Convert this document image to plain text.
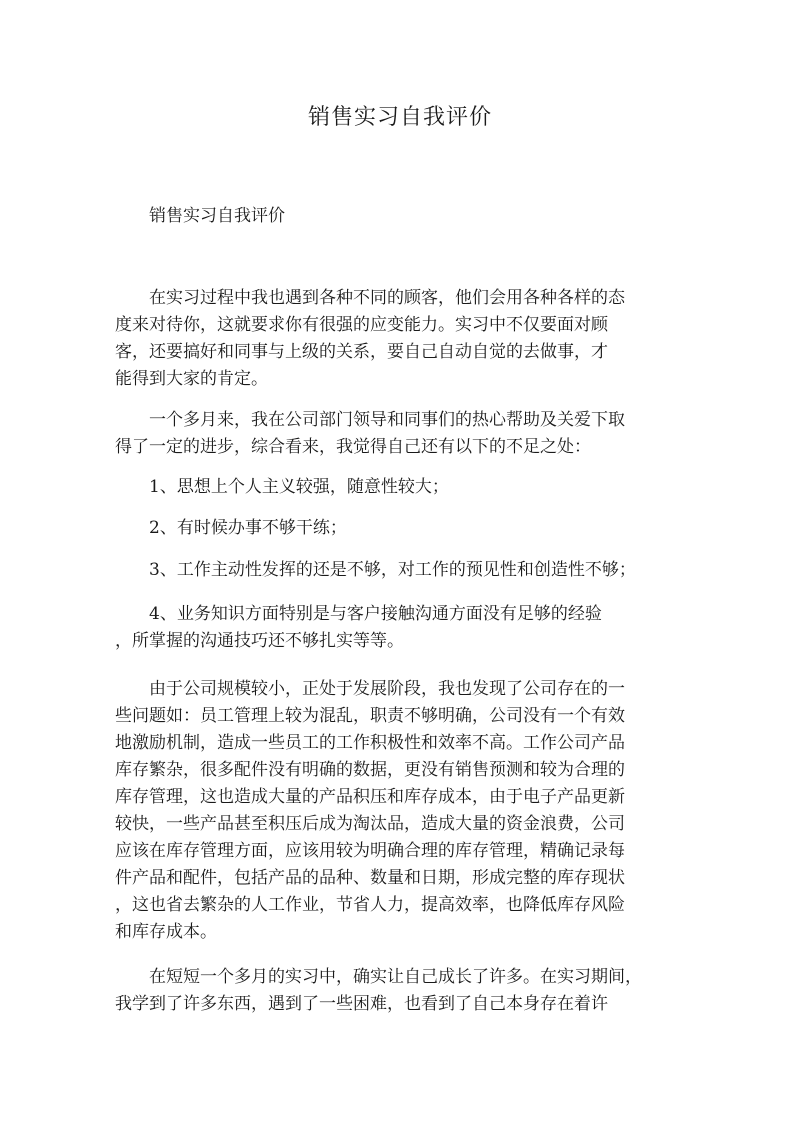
销售实习自我评价
销售实习自我评价
在实习过程中我也遇到各种不同的顾客，他们会用各种各样的态
度来对待你，这就要求你有很强的应变能力。实习中不仅要面对顾
客，还要搞好和同事与上级的关系，要自己自动自觉的去做事，才
能得到大家的肯定。
一个多月来，我在公司部门领导和同事们的热心帮助及关爱下取
得了一定的进步，综合看来，我觉得自己还有以下的不足之处：
1、思想上个人主义较强，随意性较大；
2、有时候办事不够干练；
3、工作主动性发挥的还是不够，对工作的预见性和创造性不够；
4、业务知识方面特别是与客户接触沟通方面没有足够的经验
，所掌握的沟通技巧还不够扎实等等。
由于公司规模较小，正处于发展阶段，我也发现了公司存在的一
些问题如：员工管理上较为混乱，职责不够明确，公司没有一个有效
地激励机制，造成一些员工的工作积极性和效率不高。工作公司产品
库存繁杂，很多配件没有明确的数据，更没有销售预测和较为合理的
库存管理，这也造成大量的产品积压和库存成本，由于电子产品更新
较快，一些产品甚至积压后成为淘汰品，造成大量的资金浪费，公司
应该在库存管理方面，应该用较为明确合理的库存管理，精确记录每
件产品和配件，包括产品的品种、数量和日期，形成完整的库存现状
，这也省去繁杂的人工作业，节省人力，提高效率，也降低库存风险
和库存成本。
在短短一个多月的实习中，确实让自己成长了许多。在实习期间，
我学到了许多东西，遇到了一些困难，也看到了自己本身存在着许
